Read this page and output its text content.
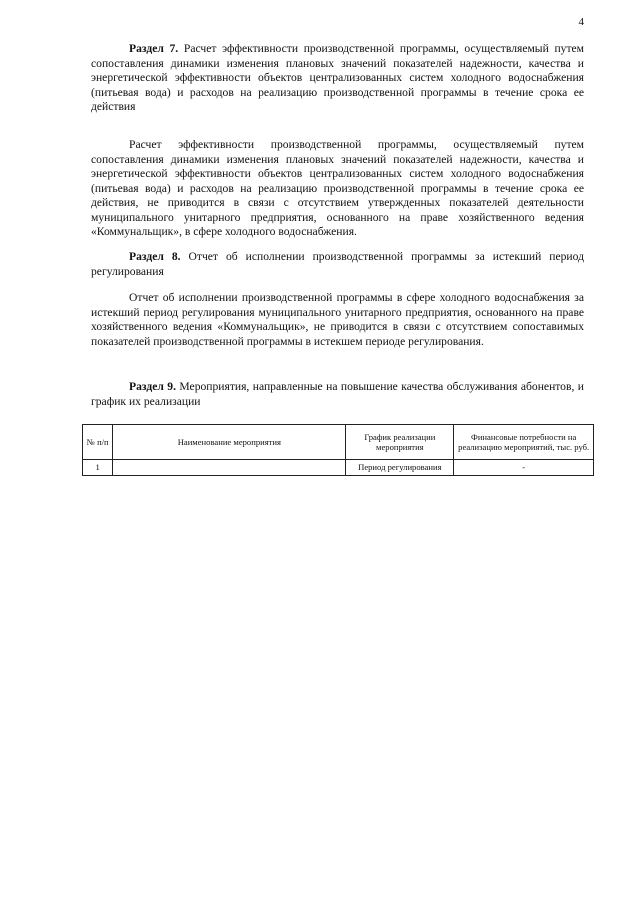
4

Раздел 7. Расчет эффективности производственной программы, осуществляемый путем сопоставления динамики изменения плановых значений показателей надежности, качества и энергетической эффективности объектов централизованных систем холодного водоснабжения (питьевая вода) и расходов на реализацию производственной программы в течение срока ее действия

Расчет эффективности производственной программы, осуществляемый путем сопоставления динамики изменения плановых значений показателей надежности, качества и энергетической эффективности объектов централизованных систем холодного водоснабжения (питьевая вода) и расходов на реализацию производственной программы в течение срока ее действия, не приводится в связи с отсутствием утвержденных показателей деятельности муниципального унитарного предприятия, основанного на праве хозяйственного ведения «Коммунальщик», в сфере холодного водоснабжения.

Раздел 8. Отчет об исполнении производственной программы за истекший период регулирования

Отчет об исполнении производственной программы в сфере холодного водоснабжения за истекший период регулирования муниципального унитарного предприятия, основанного на праве хозяйственного ведения «Коммунальщик», не приводится в связи с отсутствием сопоставимых показателей производственной программы в истекшем периоде регулирования.

Раздел 9. Мероприятия, направленные на повышение качества обслуживания абонентов, и график их реализации

№ п/п	Наименование мероприятия	График реализации мероприятия	Финансовые потребности на реализацию мероприятий, тыс. руб.
1		Период регулирования	-
